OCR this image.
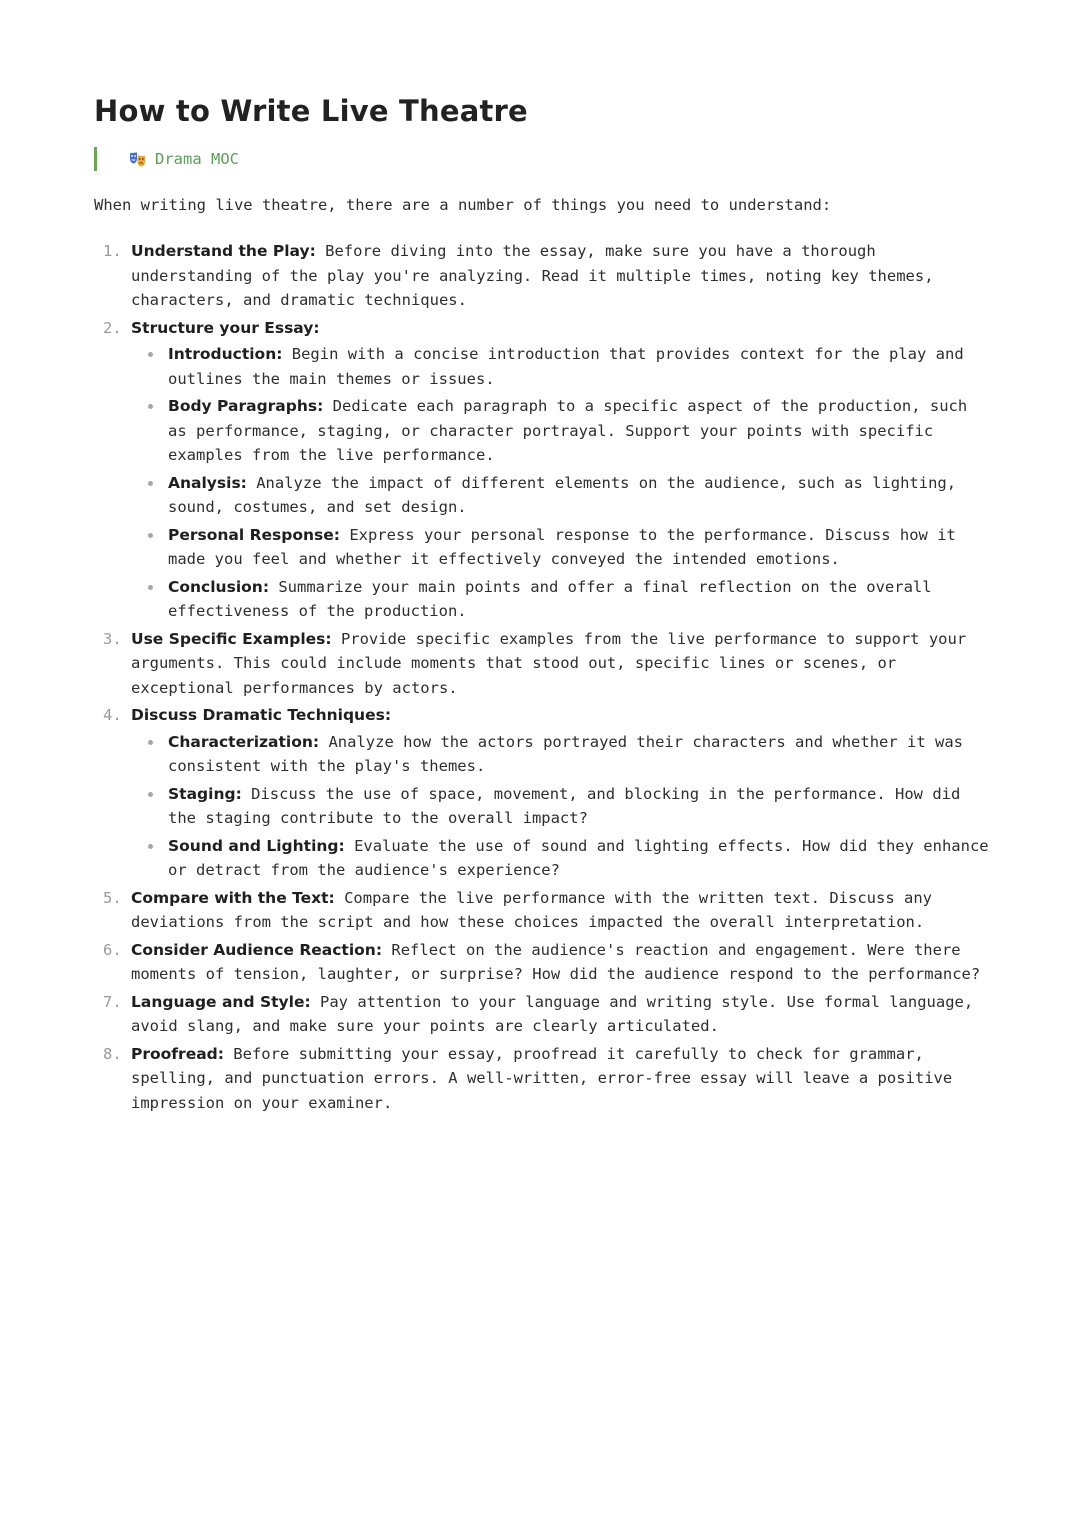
How to Write Live Theatre
Drama MOC

When writing live theatre, there are a number of things you need to understand:

1. Understand the Play: Before diving into the essay, make sure you have a thorough understanding of the play you're analyzing. Read it multiple times, noting key themes, characters, and dramatic techniques.
2. Structure your Essay:
Introduction: Begin with a concise introduction that provides context for the play and outlines the main themes or issues.
Body Paragraphs: Dedicate each paragraph to a specific aspect of the production, such as performance, staging, or character portrayal. Support your points with specific examples from the live performance.
Analysis: Analyze the impact of different elements on the audience, such as lighting, sound, costumes, and set design.
Personal Response: Express your personal response to the performance. Discuss how it made you feel and whether it effectively conveyed the intended emotions.
Conclusion: Summarize your main points and offer a final reflection on the overall effectiveness of the production.
3. Use Specific Examples: Provide specific examples from the live performance to support your arguments. This could include moments that stood out, specific lines or scenes, or exceptional performances by actors.
4. Discuss Dramatic Techniques:
Characterization: Analyze how the actors portrayed their characters and whether it was consistent with the play's themes.
Staging: Discuss the use of space, movement, and blocking in the performance. How did the staging contribute to the overall impact?
Sound and Lighting: Evaluate the use of sound and lighting effects. How did they enhance or detract from the audience's experience?
5. Compare with the Text: Compare the live performance with the written text. Discuss any deviations from the script and how these choices impacted the overall interpretation.
6. Consider Audience Reaction: Reflect on the audience's reaction and engagement. Were there moments of tension, laughter, or surprise? How did the audience respond to the performance?
7. Language and Style: Pay attention to your language and writing style. Use formal language, avoid slang, and make sure your points are clearly articulated.
8. Proofread: Before submitting your essay, proofread it carefully to check for grammar, spelling, and punctuation errors. A well-written, error-free essay will leave a positive impression on your examiner.
